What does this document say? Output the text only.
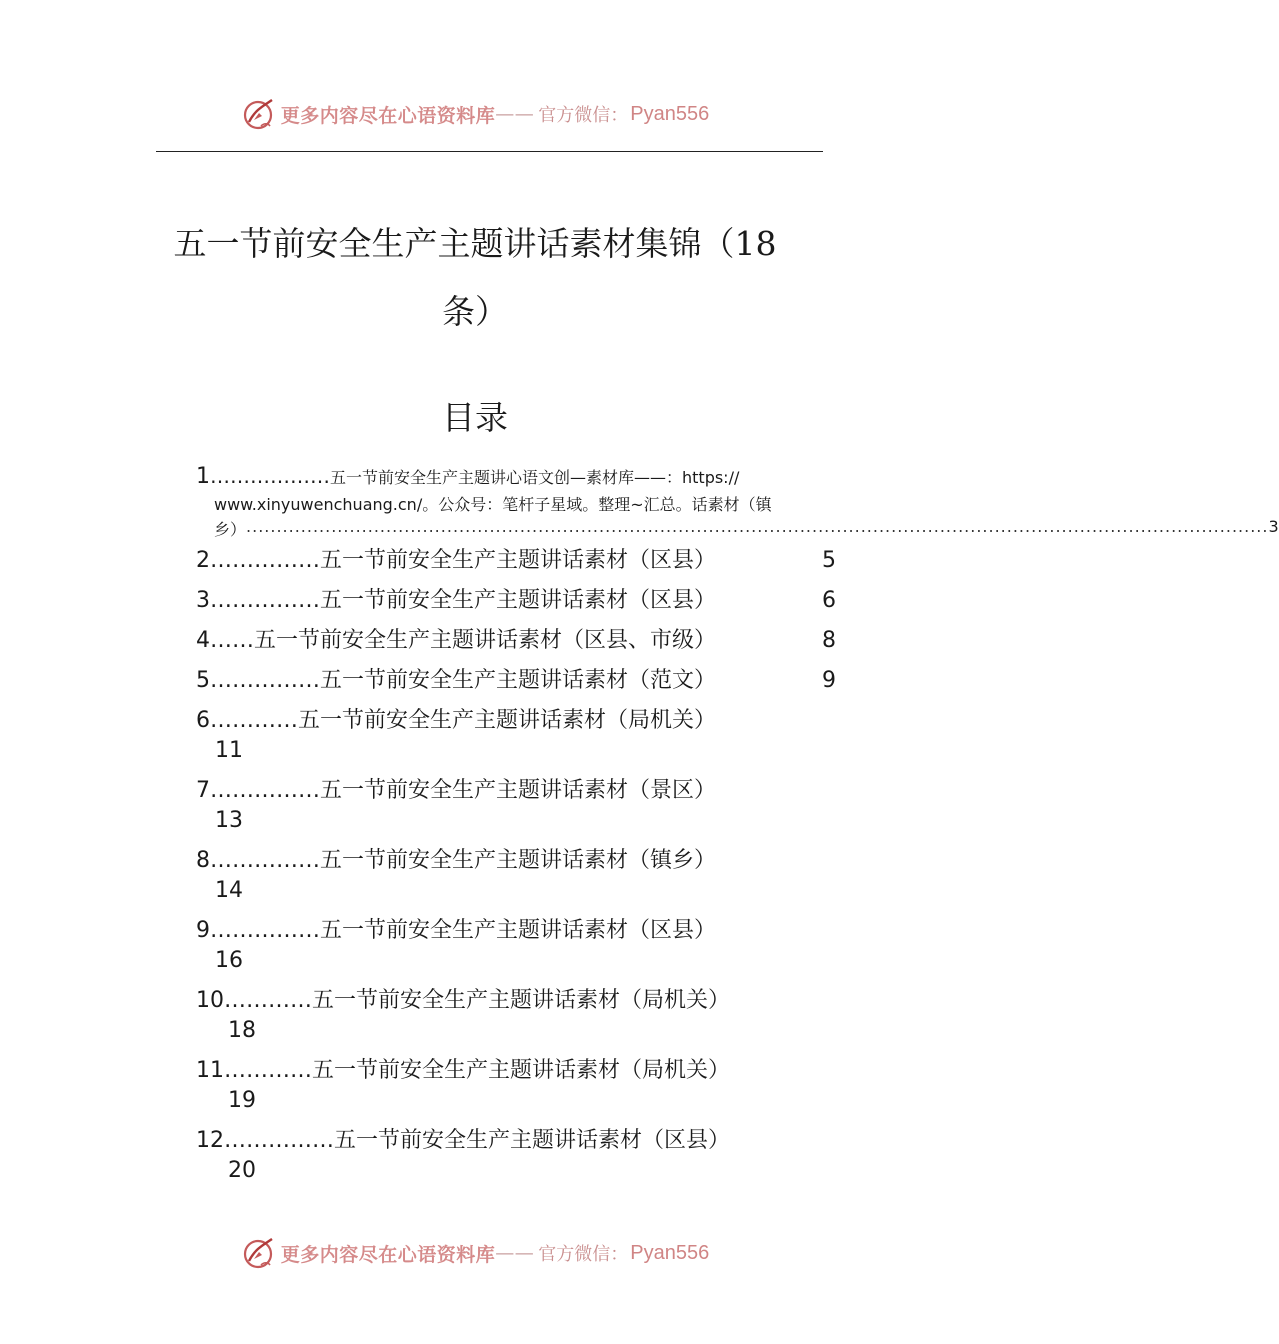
更多内容尽在心语资料库 —— 官方微信： Pyan556
五一节前安全生产主题讲话素材集锦（18
条）
目录
1 ……………… 五一节前安全生产主题讲心语文创—素材库——：https://
www.xinyuwenchuang.cn/。公众号：笔杆子星域。整理~汇总。话素材（镇
乡） ........................................................................................................................................................................ 3
2……………五一节前安全生产主题讲话素材（区县）	5
3……………五一节前安全生产主题讲话素材（区县）	6
4……五一节前安全生产主题讲话素材（区县、市级）	8
5……………五一节前安全生产主题讲话素材（范文）	9
6…………五一节前安全生产主题讲话素材（局机关）
11
7……………五一节前安全生产主题讲话素材（景区）
13
8……………五一节前安全生产主题讲话素材（镇乡）
14
9……………五一节前安全生产主题讲话素材（区县）
16
10…………五一节前安全生产主题讲话素材（局机关）
18
11…………五一节前安全生产主题讲话素材（局机关）
19
12……………五一节前安全生产主题讲话素材（区县）
20
更多内容尽在心语资料库 —— 官方微信： Pyan556
